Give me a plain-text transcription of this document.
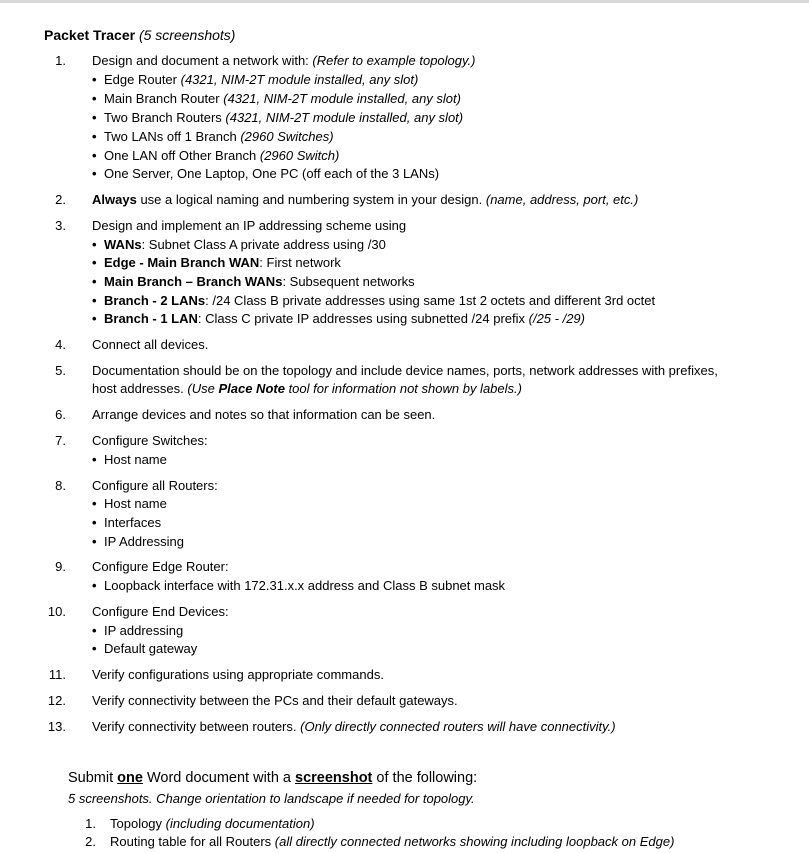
Packet Tracer (5 screenshots)
1. Design and document a network with: (Refer to example topology.)
• Edge Router (4321, NIM-2T module installed, any slot)
• Main Branch Router (4321, NIM-2T module installed, any slot)
• Two Branch Routers (4321, NIM-2T module installed, any slot)
• Two LANs off 1 Branch (2960 Switches)
• One LAN off Other Branch (2960 Switch)
• One Server, One Laptop, One PC (off each of the 3 LANs)
2. Always use a logical naming and numbering system in your design. (name, address, port, etc.)
3. Design and implement an IP addressing scheme using
• WANs: Subnet Class A private address using /30
• Edge - Main Branch WAN: First network
• Main Branch – Branch WANs: Subsequent networks
• Branch - 2 LANs: /24 Class B private addresses using same 1st 2 octets and different 3rd octet
• Branch - 1 LAN: Class C private IP addresses using subnetted /24 prefix (/25 - /29)
4. Connect all devices.
5. Documentation should be on the topology and include device names, ports, network addresses with prefixes,
host addresses. (Use Place Note tool for information not shown by labels.)
6. Arrange devices and notes so that information can be seen.
7. Configure Switches:
• Host name
8. Configure all Routers:
• Host name
• Interfaces
• IP Addressing
9. Configure Edge Router:
• Loopback interface with 172.31.x.x address and Class B subnet mask
10. Configure End Devices:
• IP addressing
• Default gateway
11. Verify configurations using appropriate commands.
12. Verify connectivity between the PCs and their default gateways.
13. Verify connectivity between routers. (Only directly connected routers will have connectivity.)
Submit one Word document with a screenshot of the following:
5 screenshots. Change orientation to landscape if needed for topology.
1. Topology (including documentation)
2. Routing table for all Routers (all directly connected networks showing including loopback on Edge)
